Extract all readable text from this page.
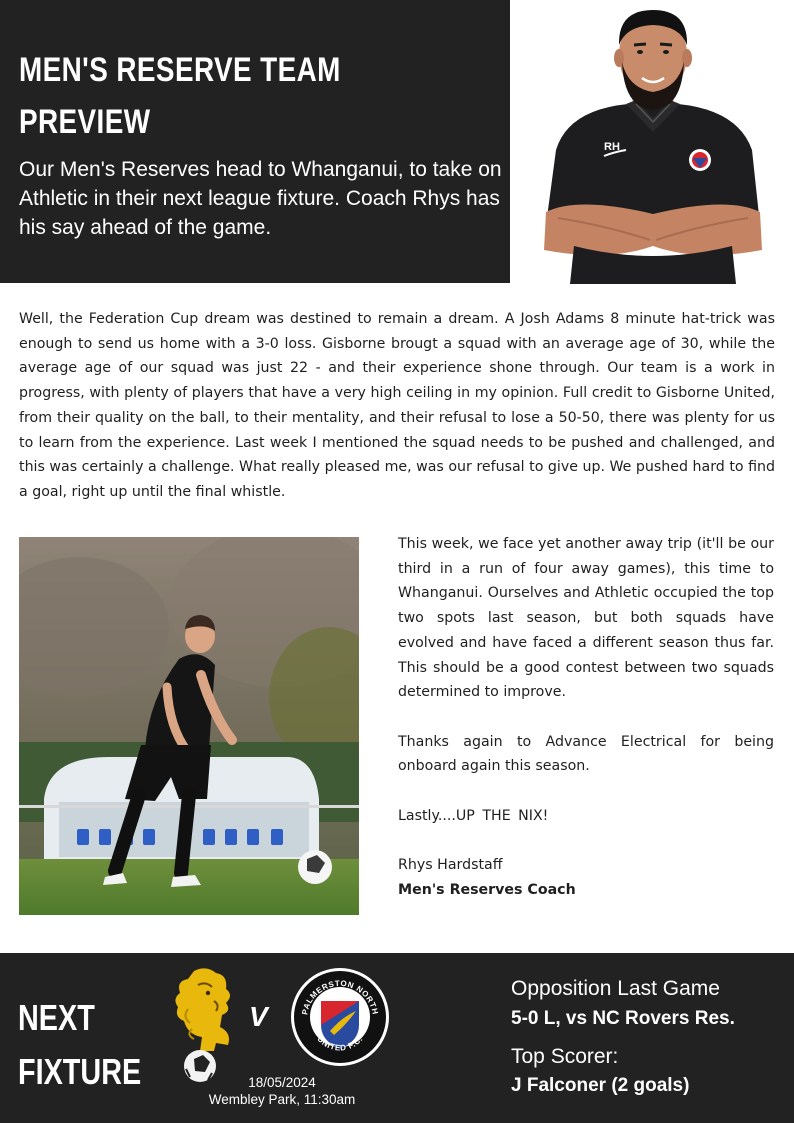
MEN'S RESERVE TEAM
PREVIEW

Our Men's Reserves head to Whanganui, to take on Athletic in their next league fixture. Coach Rhys has his say ahead of the game.

RH

Well, the Federation Cup dream was destined to remain a dream. A Josh Adams 8 minute hat-trick was enough to send us home with a 3-0 loss. Gisborne brougt a squad with an average age of 30, while the average age of our squad was just 22 - and their experience shone through. Our team is a work in progress, with plenty of players that have a very high ceiling in my opinion. Full credit to Gisborne United, from their quality on the ball, to their mentality, and their refusal to lose a 50-50, there was plenty for us to learn from the experience. Last week I mentioned the squad needs to be pushed and challenged, and this was certainly a challenge. What really pleased me, was our refusal to give up. We pushed hard to find a goal, right up until the final whistle.

This week, we face yet another away trip (it'll be our third in a run of four away games), this time to Whanganui. Ourselves and Athletic occupied the top two spots last season, but both squads have evolved and have faced a different season thus far. This should be a good contest between two squads determined to improve.

Thanks again to Advance Electrical for being onboard again this season.

Lastly....UP THE NIX!

Rhys Hardstaff
Men's Reserves Coach
NEXT
FIXTURE
V	PALMERSTON NORTH
UNITED F.C.
18/05/2024
Wembley Park, 11:30am
Opposition Last Game
5-0 L, vs NC Rovers Res.
Top Scorer:
J Falconer (2 goals)
